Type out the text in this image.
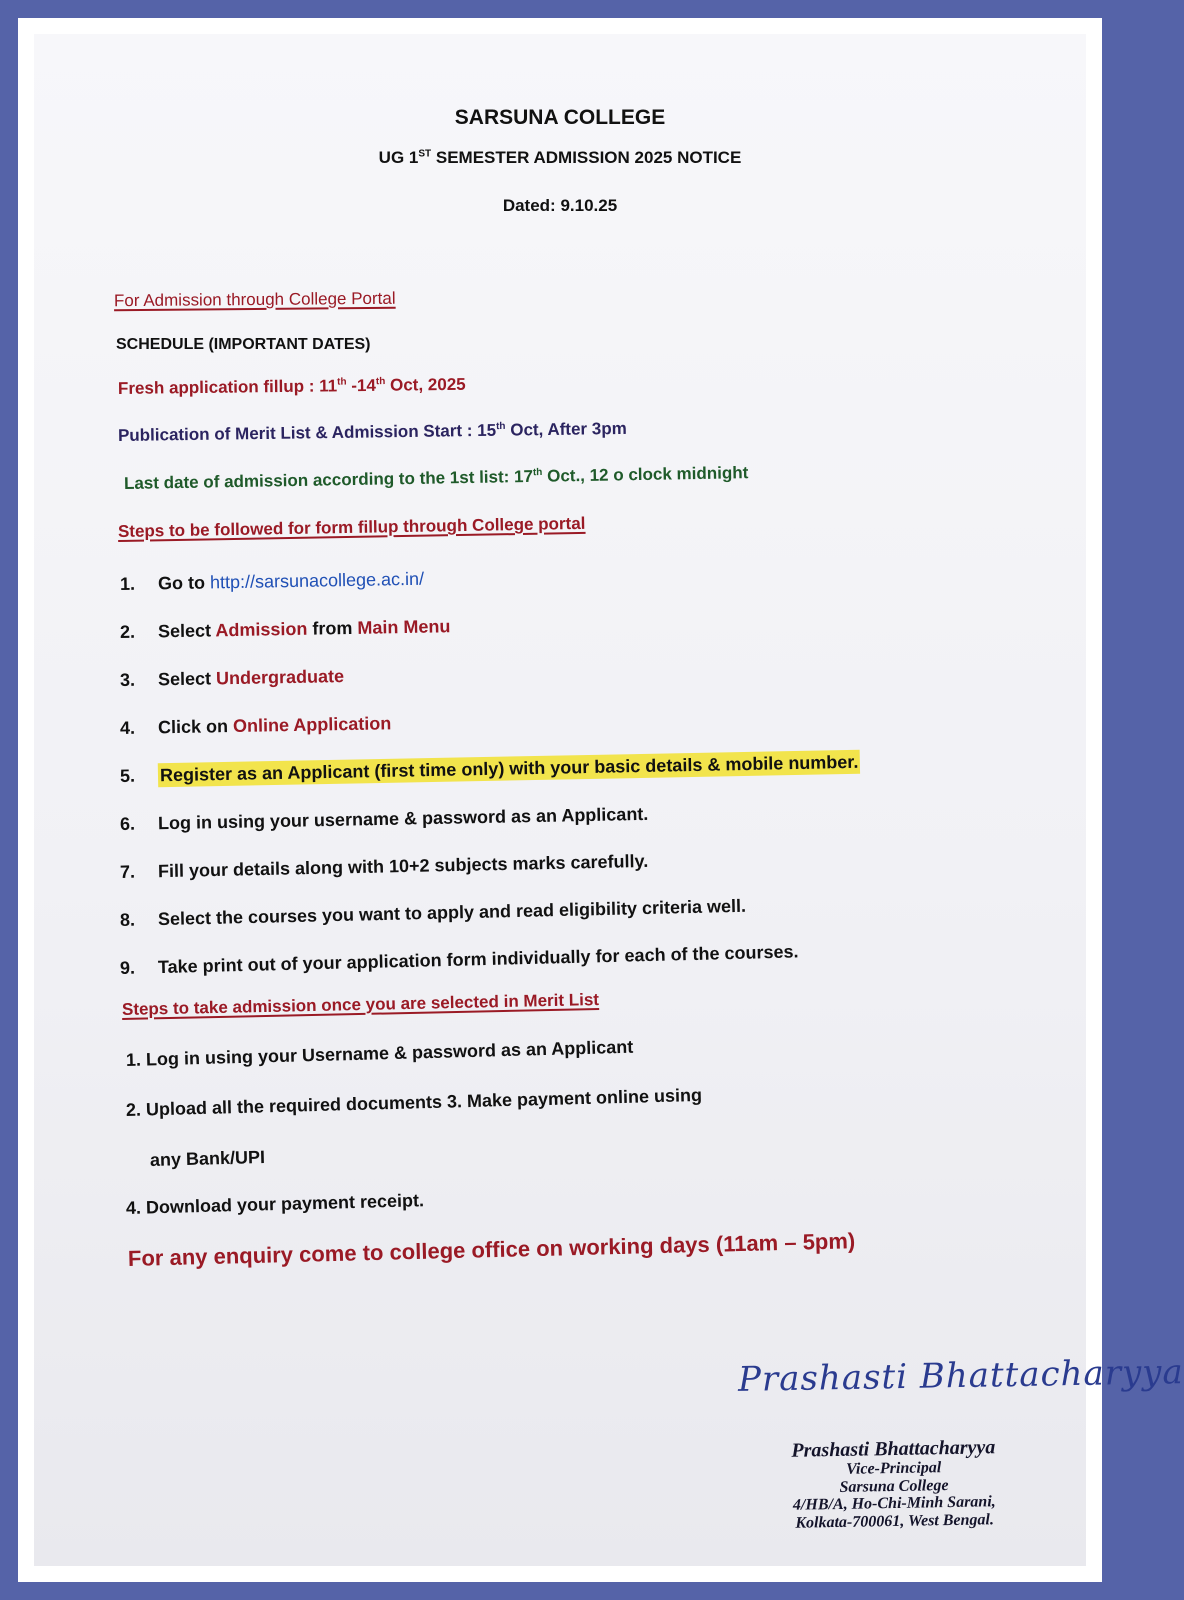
SARSUNA COLLEGE
UG 1ST SEMESTER ADMISSION 2025 NOTICE
Dated: 9.10.25
For Admission through College Portal
SCHEDULE (IMPORTANT DATES)
Fresh application fillup : 11th -14th Oct, 2025
Publication of Merit List & Admission Start : 15th Oct, After 3pm
Last date of admission according to the 1st list: 17th Oct., 12 o clock midnight
Steps to be followed for form fillup through College portal
1. Go to http://sarsunacollege.ac.in/
2. Select Admission from Main Menu
3. Select Undergraduate
4. Click on Online Application
5. Register as an Applicant (first time only) with your basic details & mobile number.
6. Log in using your username & password as an Applicant.
7. Fill your details along with 10+2 subjects marks carefully.
8. Select the courses you want to apply and read eligibility criteria well.
9. Take print out of your application form individually for each of the courses.
Steps to take admission once you are selected in Merit List
1. Log in using your Username & password as an Applicant
2. Upload all the required documents 3. Make payment online using
any Bank/UPI
4. Download your payment receipt.
For any enquiry come to college office on working days (11am – 5pm)
Prashasti Bhattacharyya
Prashasti Bhattacharyya
Vice-Principal
Sarsuna College
4/HB/A, Ho-Chi-Minh Sarani,
Kolkata-700061, West Bengal.
